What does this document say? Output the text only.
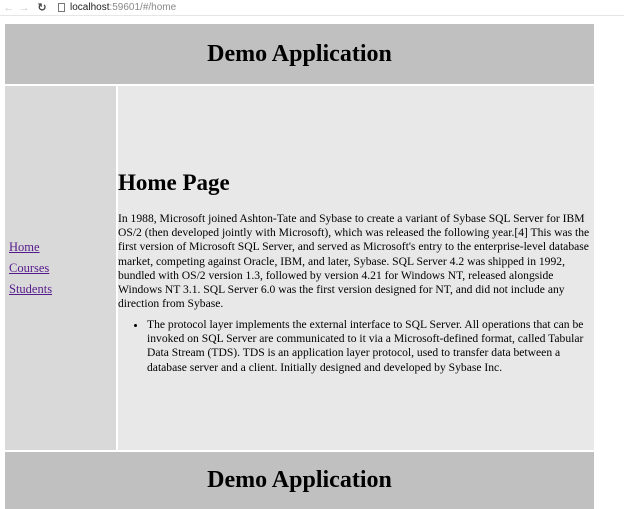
← → ↻ localhost:59601/#/home
Demo Application
Home
Courses
Students
Home Page

In 1988, Microsoft joined Ashton-Tate and Sybase to create a variant of Sybase SQL Server for IBM OS/2 (then developed jointly with Microsoft), which was released the following year.[4] This was the first version of Microsoft SQL Server, and served as Microsoft's entry to the enterprise-level database market, competing against Oracle, IBM, and later, Sybase. SQL Server 4.2 was shipped in 1992, bundled with OS/2 version 1.3, followed by version 4.21 for Windows NT, released alongside Windows NT 3.1. SQL Server 6.0 was the first version designed for NT, and did not include any direction from Sybase.

• The protocol layer implements the external interface to SQL Server. All operations that can be invoked on SQL Server are communicated to it via a Microsoft-defined format, called Tabular Data Stream (TDS). TDS is an application layer protocol, used to transfer data between a database server and a client. Initially designed and developed by Sybase Inc.
Demo Application
